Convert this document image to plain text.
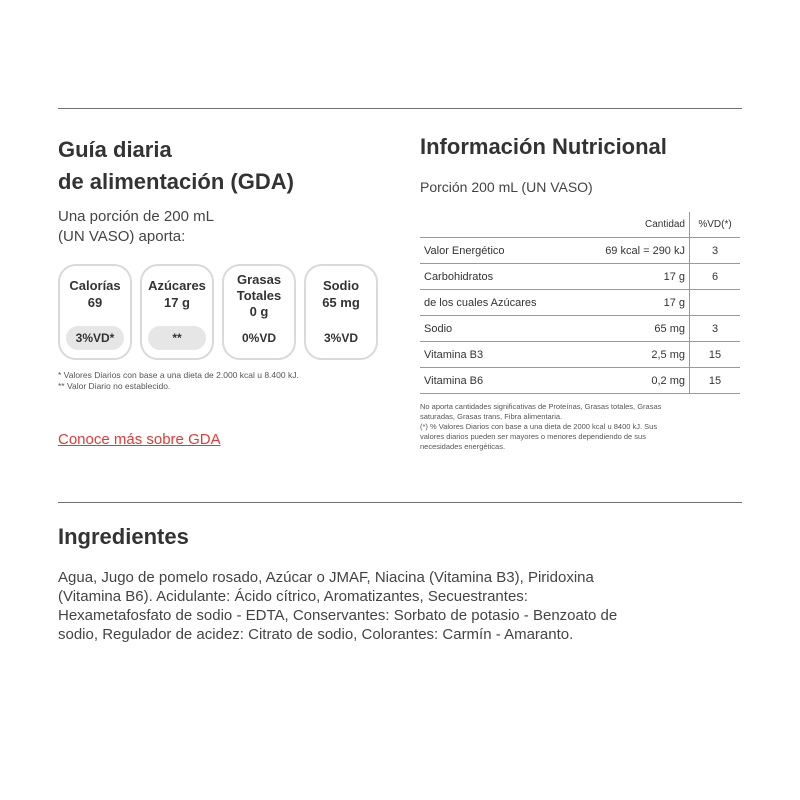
Guía diaria
de alimentación (GDA)
Una porción de 200 mL
(UN VASO) aporta:
Calorías
69
3%VD*
Azúcares
17 g
**
Grasas
Totales
0 g
0%VD
Sodio
65 mg
3%VD
* Valores Diarios con base a una dieta de 2.000 kcal u 8.400 kJ.
** Valor Diario no establecido.
Conoce más sobre GDA
Información Nutricional
Porción 200 mL (UN VASO)
	Cantidad	%VD(*)
Valor Energético	69 kcal = 290 kJ	3
Carbohidratos	17 g	6
de los cuales Azúcares	17 g	
Sodio	65 mg	3
Vitamina B3	2,5 mg	15
Vitamina B6	0,2 mg	15
No aporta cantidades significativas de Proteínas, Grasas totales, Grasas
saturadas, Grasas trans, Fibra alimentaria.
(*) % Valores Diarios con base a una dieta de 2000 kcal u 8400 kJ. Sus
valores diarios pueden ser mayores o menores dependiendo de sus
necesidades energéticas.
Ingredientes
Agua, Jugo de pomelo rosado, Azúcar o JMAF, Niacina (Vitamina B3), Piridoxina
(Vitamina B6). Acidulante: Ácido cítrico, Aromatizantes, Secuestrantes:
Hexametafosfato de sodio - EDTA, Conservantes: Sorbato de potasio - Benzoato de
sodio, Regulador de acidez: Citrato de sodio, Colorantes: Carmín - Amaranto.
